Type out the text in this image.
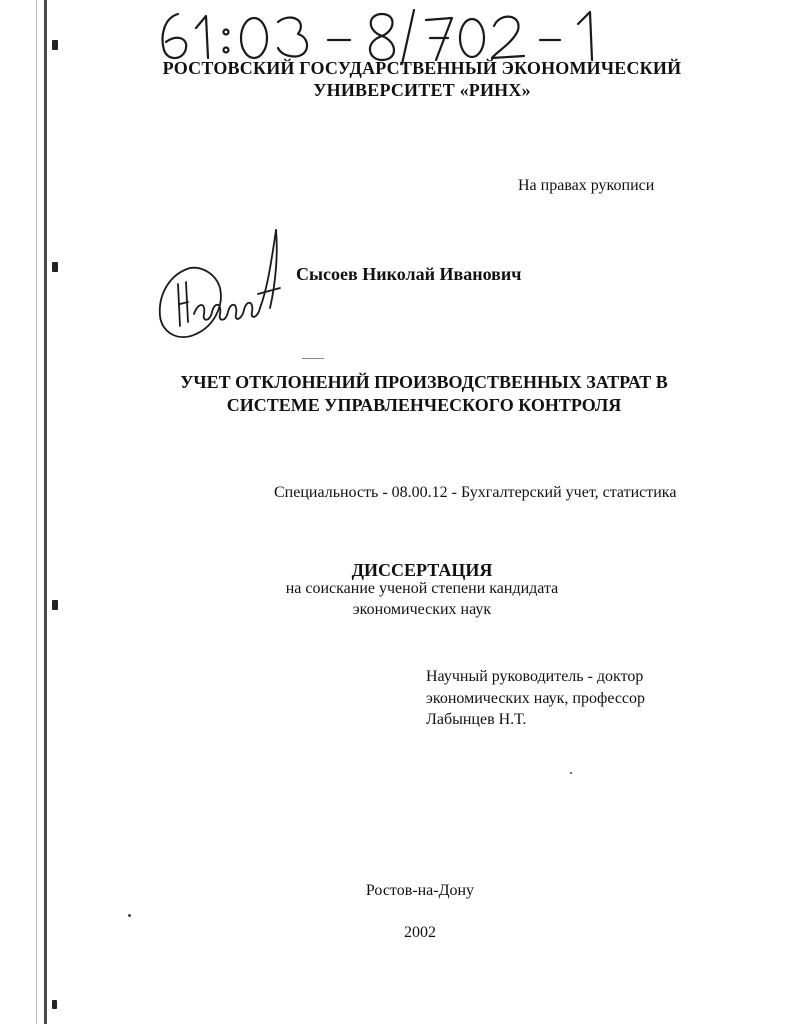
РОСТОВСКИЙ ГОСУДАРСТВЕННЫЙ ЭКОНОМИЧЕСКИЙ
УНИВЕРСИТЕТ «РИНХ»
На правах рукописи
Сысоев Николай Иванович
УЧЕТ ОТКЛОНЕНИЙ ПРОИЗВОДСТВЕННЫХ ЗАТРАТ В
СИСТЕМЕ УПРАВЛЕНЧЕСКОГО КОНТРОЛЯ
Специальность - 08.00.12 - Бухгалтерский учет, статистика
ДИССЕРТАЦИЯ
на соискание ученой степени кандидата
экономических наук
Научный руководитель - доктор
экономических наук, профессор
Лабынцев Н.Т.
Ростов-на-Дону
2002
